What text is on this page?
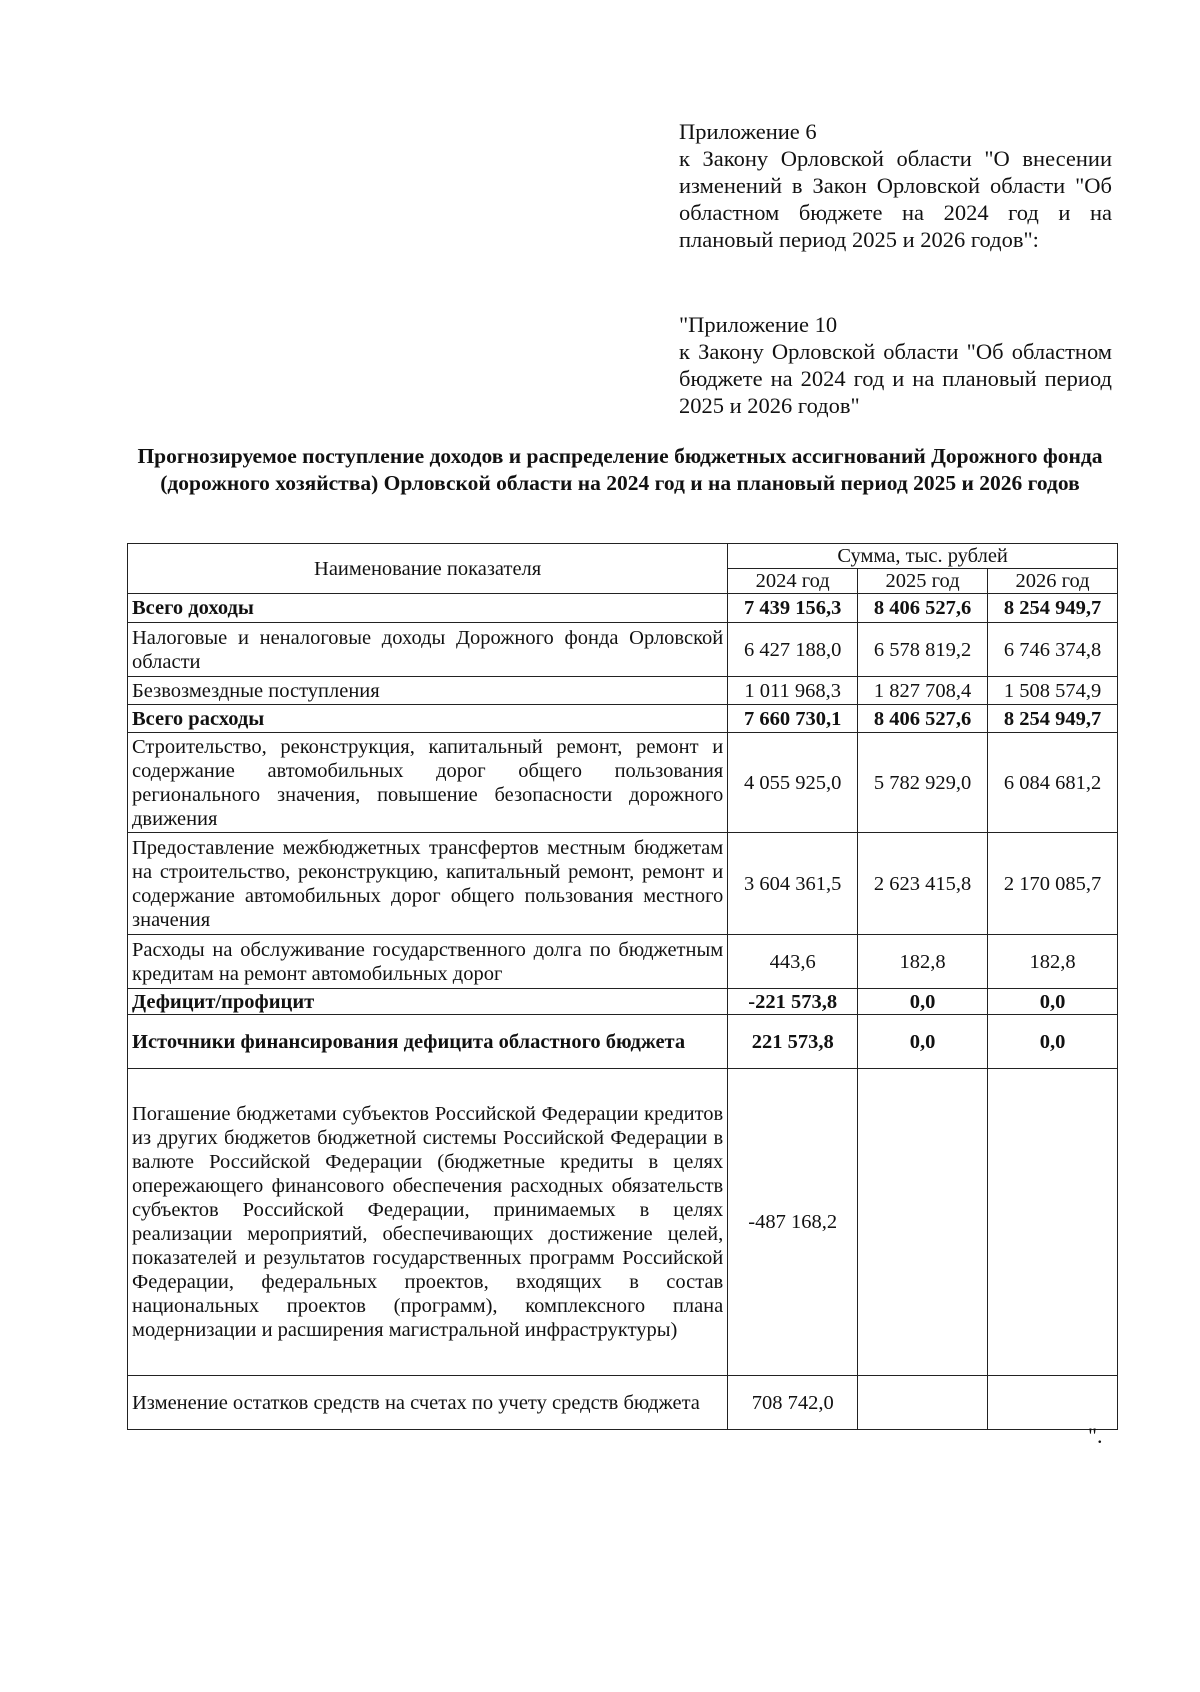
Приложение 6

к Закону Орловской области "О внесении изменений в Закон Орловской области "Об областном бюджете на 2024 год и на плановый период 2025 и 2026 годов":

"Приложение 10

к Закону Орловской области "Об областном бюджете на 2024 год и на плановый период 2025 и 2026 годов"

Прогнозируемое поступление доходов и распределение бюджетных ассигнований Дорожного фонда (дорожного хозяйства) Орловской области на 2024 год и на плановый период 2025 и 2026 годов
Наименование показателя	Сумма, тыс. рублей		
	2024 год	2025 год	2026 год
Всего доходы	7 439 156,3	8 406 527,6	8 254 949,7
Налоговые и неналоговые доходы Дорожного фонда Орловской области	6 427 188,0	6 578 819,2	6 746 374,8
Безвозмездные поступления	1 011 968,3	1 827 708,4	1 508 574,9
Всего расходы	7 660 730,1	8 406 527,6	8 254 949,7
Строительство, реконструкция, капитальный ремонт, ремонт и содержание автомобильных дорог общего пользования регионального значения, повышение безопасности дорожного движения	4 055 925,0	5 782 929,0	6 084 681,2
Предоставление межбюджетных трансфертов местным бюджетам на строительство, реконструкцию, капитальный ремонт, ремонт и содержание автомобильных дорог общего пользования местного значения	3 604 361,5	2 623 415,8	2 170 085,7
Расходы на обслуживание государственного долга по бюджетным кредитам на ремонт автомобильных дорог	443,6	182,8	182,8
Дефицит/профицит	-221 573,8	0,0	0,0
Источники финансирования дефицита областного бюджета	221 573,8	0,0	0,0
Погашение бюджетами субъектов Российской Федерации кредитов из других бюджетов бюджетной системы Российской Федерации в валюте Российской Федерации (бюджетные кредиты в целях опережающего финансового обеспечения расходных обязательств субъектов Российской Федерации, принимаемых в целях реализации мероприятий, обеспечивающих достижение целей, показателей и результатов государственных программ Российской Федерации, федеральных проектов, входящих в состав национальных проектов (программ), комплексного плана модернизации и расширения магистральной инфраструктуры)	-487 168,2		
Изменение остатков средств на счетах по учету средств бюджета	708 742,0		
".
